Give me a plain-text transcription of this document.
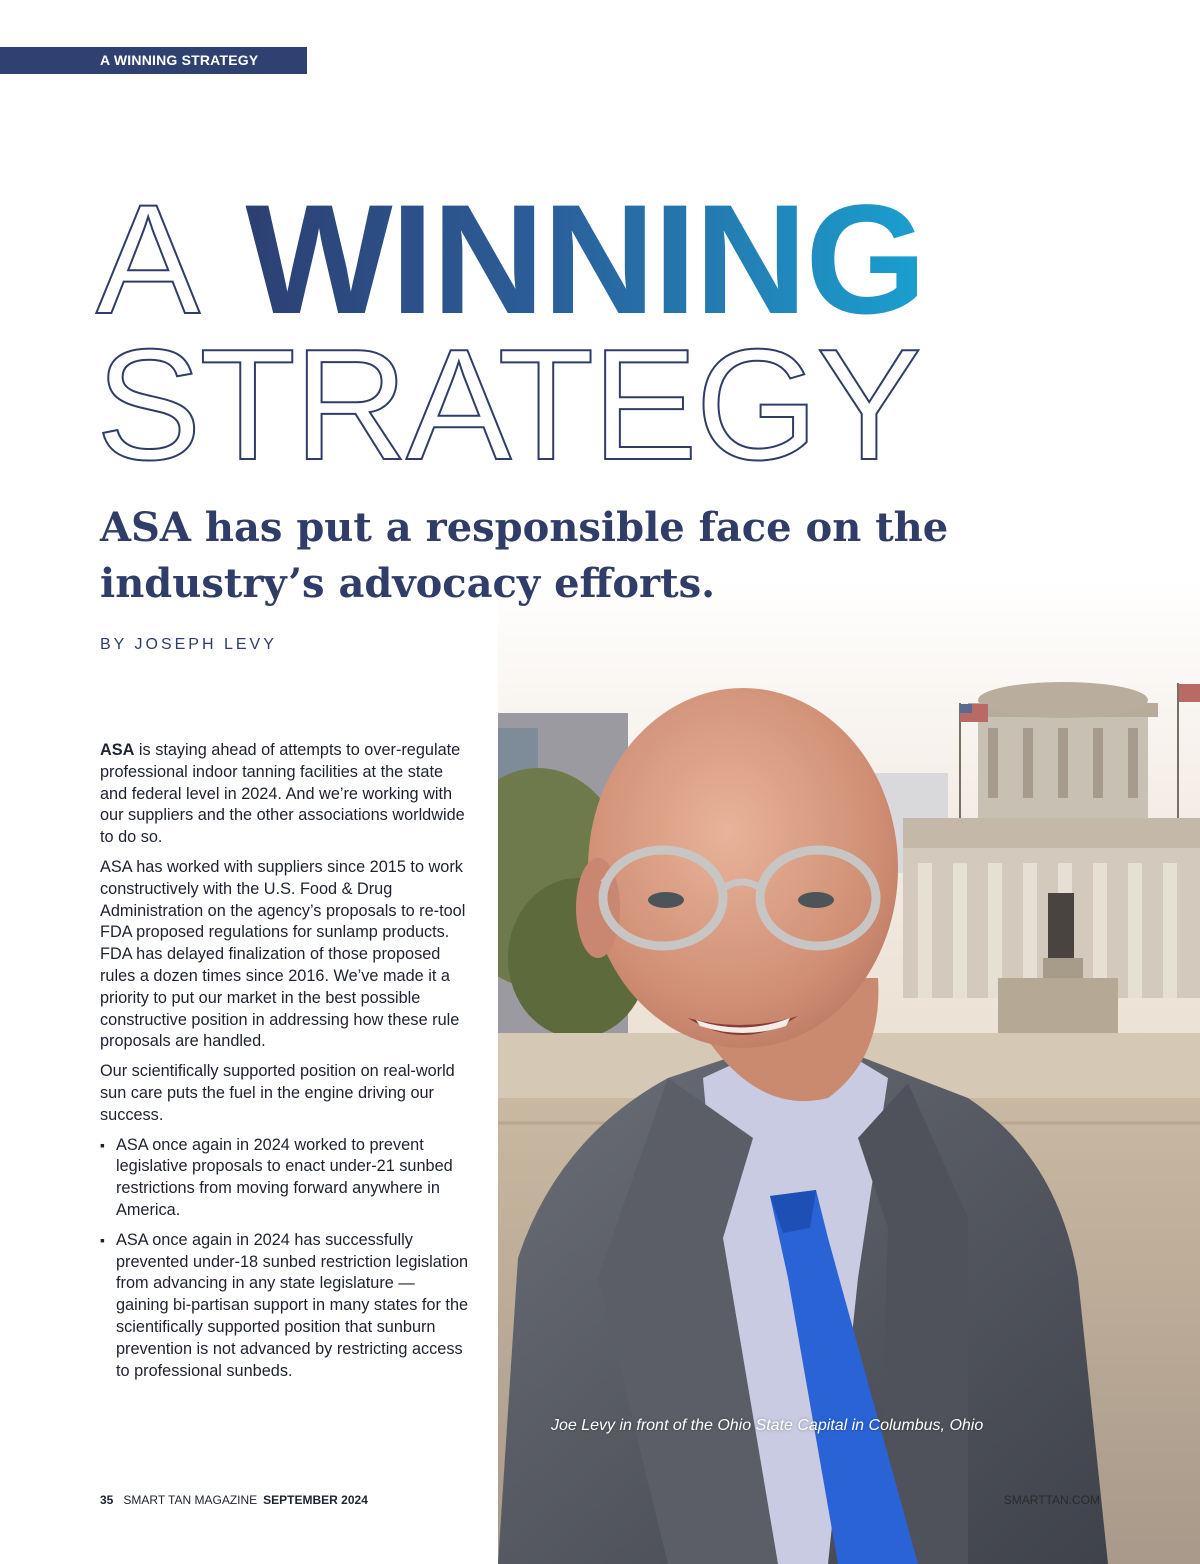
A WINNING STRATEGY
A WINNING
STRATEGY
ASA has put a responsible face on the industry’s advocacy efforts.
BY JOSEPH LEVY

ASA is staying ahead of attempts to over-regulate professional indoor tanning facilities at the state and federal level in 2024. And we’re working with our suppliers and the other associations worldwide to do so.

ASA has worked with suppliers since 2015 to work constructively with the U.S. Food & Drug Administration on the agency’s proposals to re-tool FDA proposed regulations for sunlamp products. FDA has delayed finalization of those proposed rules a dozen times since 2016. We’ve made it a priority to put our market in the best possible constructive position in addressing how these rule proposals are handled.

Our scientifically supported position on real-world sun care puts the fuel in the engine driving our success.

▪ ASA once again in 2024 worked to prevent legislative proposals to enact under-21 sunbed restrictions from moving forward anywhere in America.
▪ ASA once again in 2024 has successfully prevented under-18 sunbed restriction legislation from advancing in any state legislature — gaining bi-partisan support in many states for the scientifically supported position that sunburn prevention is not advanced by restricting access to professional sunbeds.
Joe Levy in front of the Ohio State Capital in Columbus, Ohio
35 SMART TAN MAGAZINE SEPTEMBER 2024	SMARTTAN.COM
